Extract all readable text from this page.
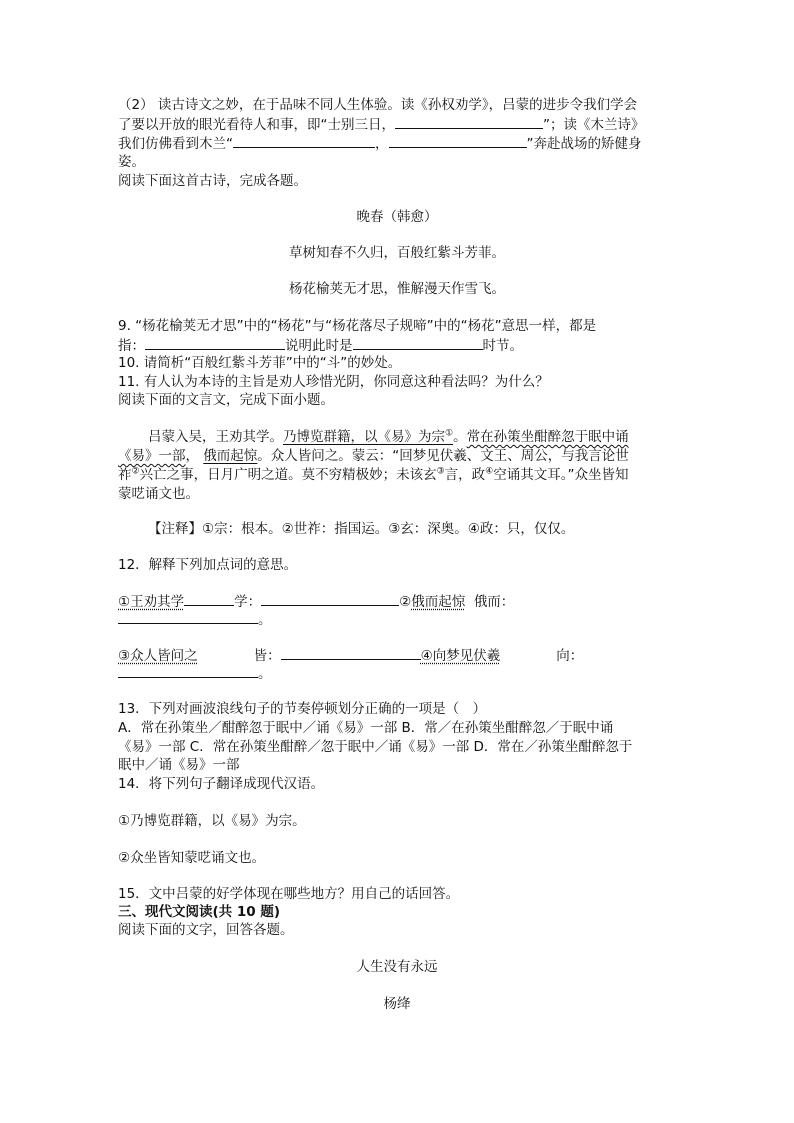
（2） 读古诗文之妙，在于品味不同人生体验。读《孙权劝学》，吕蒙的进步令我们学会
了要以开放的眼光看待人和事，即“士别三日，	”；读《木兰诗》
我们仿佛看到木兰“	，	”奔赴战场的矫健身
姿。
阅读下面这首古诗，完成各题。
晚春（韩愈）
草树知春不久归，百般红紫斗芳菲。
杨花榆荚无才思，惟解漫天作雪飞。
9. “杨花榆荚无才思”中的“杨花”与“杨花落尽子规啼”中的“杨花”意思一样，都是
指：	说明此时是	时节。
10. 请简析“百般红紫斗芳菲”中的“斗”的妙处。
11. 有人认为本诗的主旨是劝人珍惜光阴，你同意这种看法吗？为什么？
阅读下面的文言文，完成下面小题。
吕蒙入吴，王劝其学。乃博览群籍，以《易》为宗①。常在孙策坐酣醉忽于眠中诵
《易》一部， 俄而起惊。众人皆问之。蒙云：“回梦见伏羲、文王、周公，与我言论世
祚②兴亡之事，日月广明之道。莫不穷精极妙；未该玄③言，政④空诵其文耳。”众坐皆知
蒙呓诵文也。
【注释】①宗：根本。②世祚：指国运。③玄：深奥。④政：只，仅仅。
12．解释下列加点词的意思。
①王劝其学	学：	②俄而起惊 俄而：
。
③众人皆问之	皆：	④向梦见伏羲	向：
。
13．下列对画波浪线句子的节奏停顿划分正确的一项是（　）
A．常在孙策坐／酣醉忽于眠中／诵《易》一部 B．常／在孙策坐酣醉忽／于眠中诵
《易》一部 C．常在孙策坐酣醉／忽于眠中／诵《易》一部 D．常在／孙策坐酣醉忽于
眠中／诵《易》一部
14．将下列句子翻译成现代汉语。
①乃博览群籍，以《易》为宗。
②众坐皆知蒙呓诵文也。
15．文中吕蒙的好学体现在哪些地方？用自己的话回答。
三、现代文阅读(共 10 题)
阅读下面的文字，回答各题。
人生没有永远
杨绛
